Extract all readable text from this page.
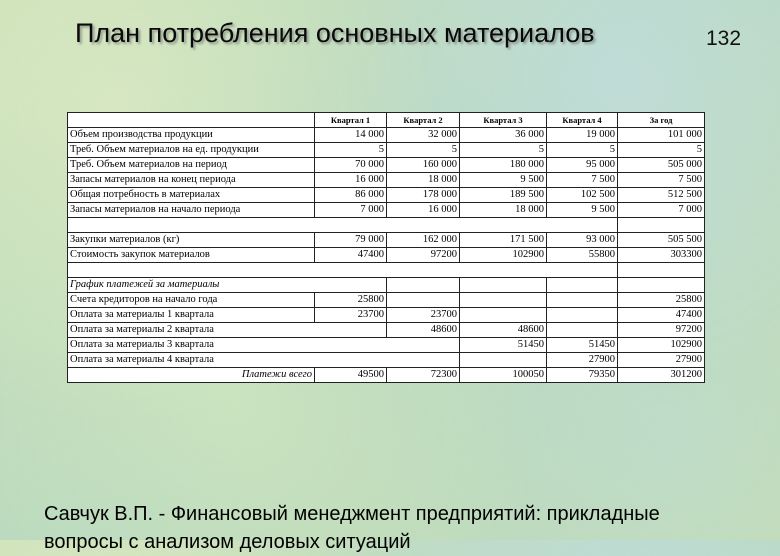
План потребления основных материалов	132
	Квартал 1	Квартал 2	Квартал 3	Квартал 4	За год
Объем производства продукции	14 000	32 000	36 000	19 000	101 000
Треб. Объем материалов на ед. продукции	5	5	5	5	5
Треб. Объем материалов на период	70 000	160 000	180 000	95 000	505 000
Запасы материалов на конец периода	16 000	18 000	9 500	7 500	7 500
Общая потребность в материалах	86 000	178 000	189 500	102 500	512 500
Запасы материалов на начало периода	7 000	16 000	18 000	9 500	7 000

Закупки материалов (кг)	79 000	162 000	171 500	93 000	505 500
Стоимость закупок материалов	47400	97200	102900	55800	303300

График платежей за материалы					
Счета кредиторов на начало года	25800				25800
Оплата за материалы 1 квартала	23700	23700			47400
Оплата за материалы 2 квартала		48600	48600		97200
Оплата за материалы 3 квартала			51450	51450	102900
Оплата за материалы 4 квартала				27900	27900
Платежи всего	49500	72300	100050	79350	301200
Савчук В.П. - Финансовый менеджмент предприятий: прикладные
вопросы с анализом деловых ситуаций
